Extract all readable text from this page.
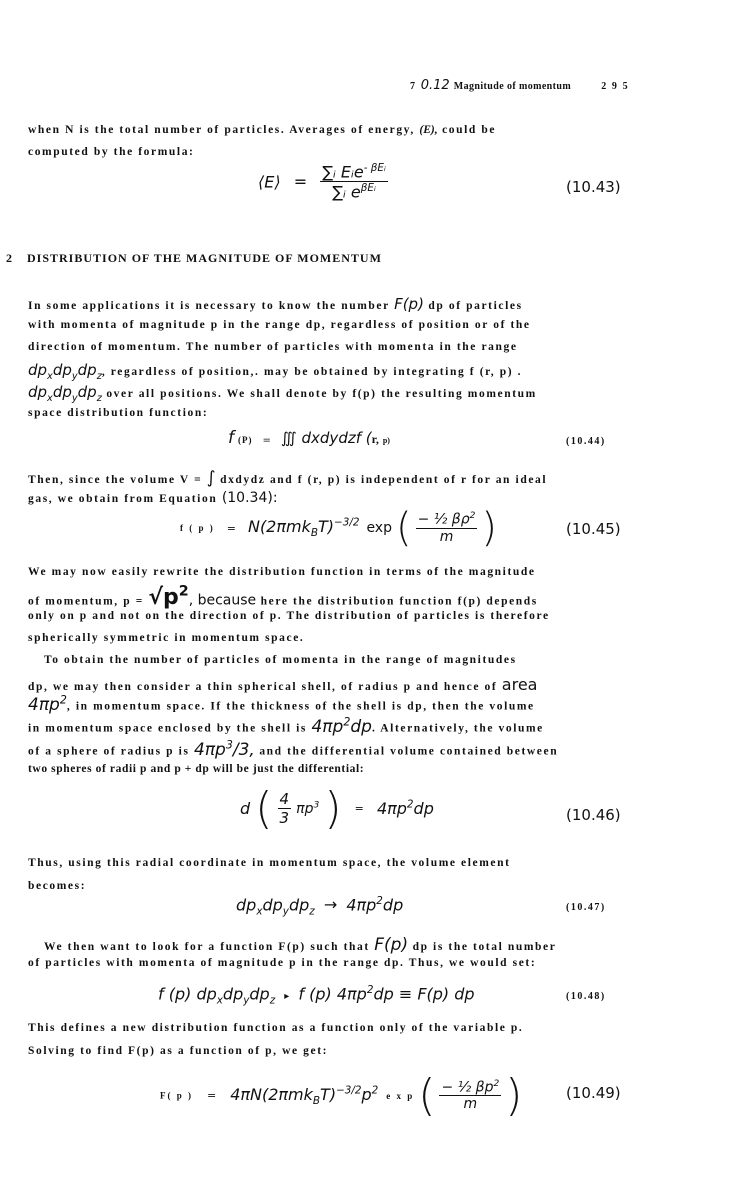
7 0.12 Magnitude of momentum	2 9 5
when N is the total number of particles. Averages of energy, (E), could be
computed by the formula:
⟨E⟩ = $\frac{\sum ᵢ Eᵢe^{- \beta Eᵢ}}{\sum ᵢ e^{\beta Eᵢ}}$	(10.43)
2 DISTRIBUTION OF THE MAGNITUDE OF MOMENTUM
In some applications it is necessary to know the number F(p) dp of particles
with momenta of magnitude p in the range dp, regardless of position or of the
direction of momentum. The number of particles with momenta in the range
$dp_xdp_ydp_z$, regardless of position,. may be obtained by integrating f (r, p) .
$dp_xdp_ydp_z$ over all positions. We shall denote by f(p) the resulting momentum
space distribution function:
f (P) = ∭ dxdydzf (r, p)	(10.44)
Then, since the volume V = ∫ dxdydz and f (r, p) is independent of r for an ideal
gas, we obtain from Equation (10.34):
f ( p ) = $N(2\pi mk_BT)^{-3/2}$ exp ( $\frac{- \frac{1}{2} \beta\rho^2}{m}$ )	(10.45)
We may now easily rewrite the distribution function in terms of the magnitude
of momentum, $p = √p^2$, because here the distribution function f(p) depends
only on p and not on the direction of p. The distribution of particles is therefore
spherically symmetric in momentum space.
To obtain the number of particles of momenta in the range of magnitudes
dp, we may then consider a thin spherical shell, of radius p and hence of area
$4\pi p^2$, in momentum space. If the thickness of the shell is dp, then the volume
in momentum space enclosed by the shell is $4\pi p^2dp$. Alternatively, the volume
of a sphere of radius p is $4\pi p^3/3$, and the differential volume contained between
two spheres of radii p and p + dp will be just the differential:
d ( $\frac{4}{3} \pi p^3$ ) = $4\pi p^2dp$	(10.46)
Thus, using this radial coordinate in momentum space, the volume element
becomes:
$dp_xdp_ydp_z \to 4\pi p^2dp$	(10.47)
We then want to look for a function F(p) such that F(p) dp is the total number
of particles with momenta of magnitude p in the range dp. Thus, we would set:
f (p) $dp_xdp_ydp_z$ ▸ f (p) $4\pi p^2dp \equiv F(p)$ dp	(10.48)
This defines a new distribution function as a function only of the variable p.
Solving to find F(p) as a function of p, we get:
F( p ) = $4\pi N(2\pi mk_BT)^{-3/2}p^2$ e x p ( $\frac{- \frac{1}{2} \beta p^2}{m}$ )	(10.49)
